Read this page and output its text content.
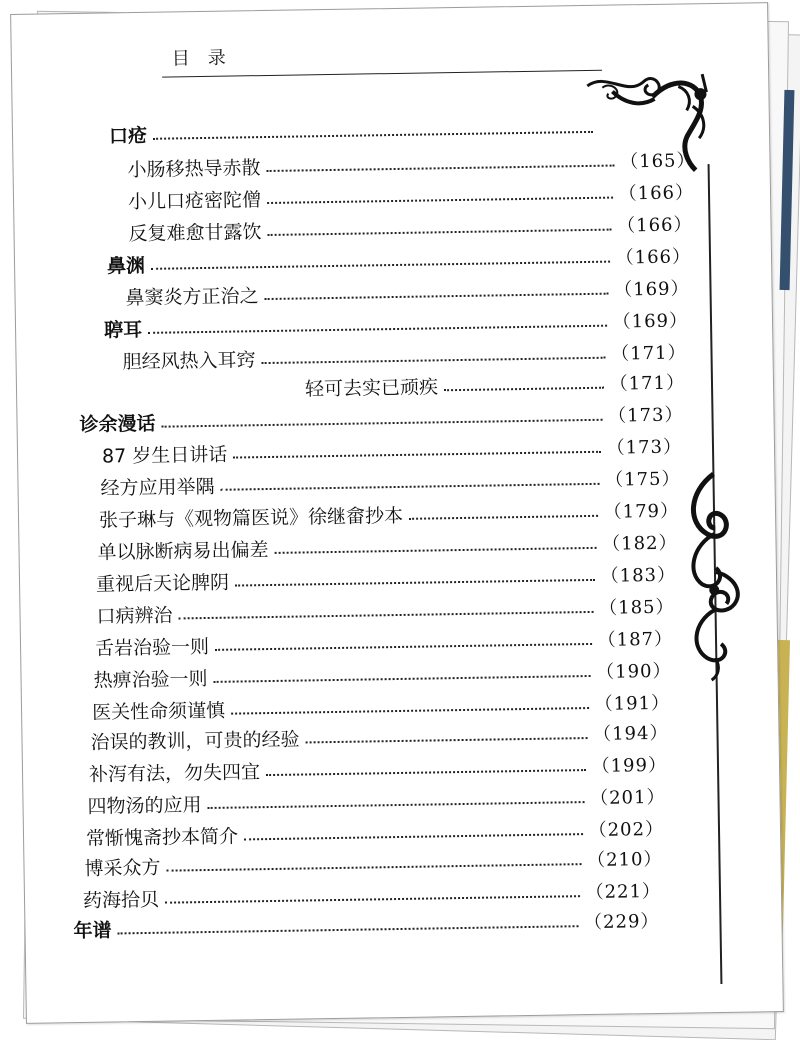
目录
口疮
小肠移热导赤散	（165）
小儿口疮密陀僧	（166）
反复难愈甘露饮	（166）
鼻渊	（166）
鼻窦炎方正治之	（169）
聤耳	（169）
胆经风热入耳窍	（171）
轻可去实已顽疾	（171）
诊余漫话	（173）
87 岁生日讲话	（173）
经方应用举隅	（175）
张子琳与《观物篇医说》徐继畲抄本	（179）
单以脉断病易出偏差	（182）
重视后天论脾阴	（183）
口病辨治	（185）
舌岩治验一则	（187）
热痹治验一则	（190）
医关性命须谨慎	（191）
治误的教训，可贵的经验	（194）
补泻有法，勿失四宜	（199）
四物汤的应用	（201）
常惭愧斋抄本简介	（202）
博采众方	（210）
药海拾贝	（221）
年谱	（229）
